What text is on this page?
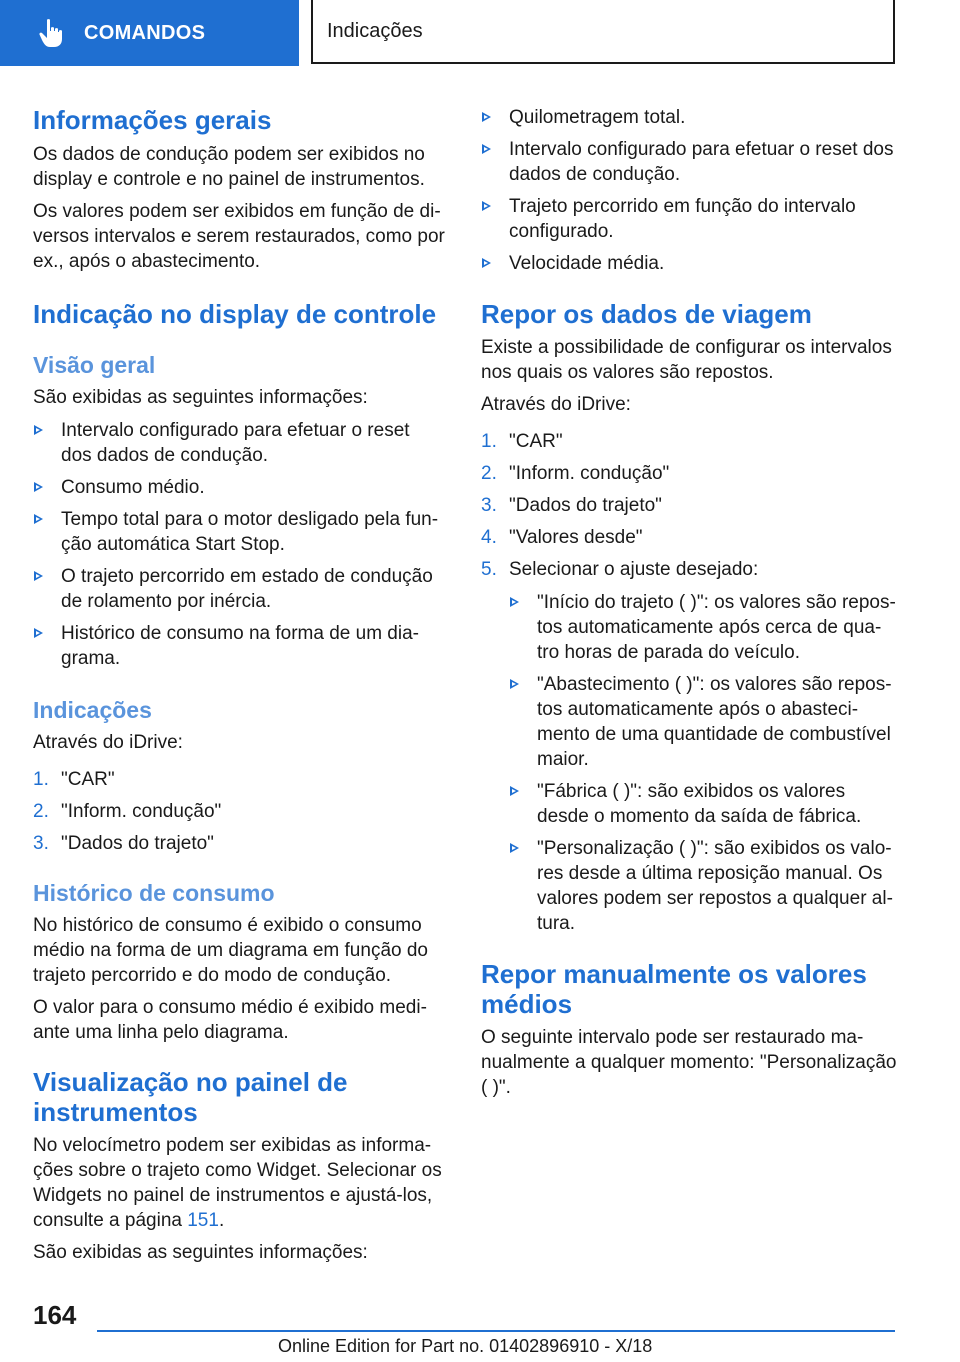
COMANDOS	Indicações
Informações gerais

Os dados de condução podem ser exibidos no display e controle e no painel de instrumentos.

Os valores podem ser exibidos em função de diversos intervalos e serem restaurados, como por ex., após o abastecimento.

Indicação no display de controle
Visão geral

São exibidas as seguintes informações:

Intervalo configurado para efetuar o reset dos dados de condução.
Consumo médio.
Tempo total para o motor desligado pela função automática Start Stop.
O trajeto percorrido em estado de condução de rolamento por inércia.
Histórico de consumo na forma de um diagrama.
Indicações

Através do iDrive:

1. "CAR"
2. "Inform. condução"
3. "Dados do trajeto"
Histórico de consumo

No histórico de consumo é exibido o consumo médio na forma de um diagrama em função do trajeto percorrido e do modo de condução.

O valor para o consumo médio é exibido mediante uma linha pelo diagrama.

Visualização no painel de instrumentos

No velocímetro podem ser exibidas as informações sobre o trajeto como Widget. Selecionar os Widgets no painel de instrumentos e ajustá-los, consulte a página 151.

São exibidas as seguintes informações:

Quilometragem total.
Intervalo configurado para efetuar o reset dos dados de condução.
Trajeto percorrido em função do intervalo configurado.
Velocidade média.
Repor os dados de viagem

Existe a possibilidade de configurar os intervalos nos quais os valores são repostos.

Através do iDrive:

1. "CAR"
2. "Inform. condução"
3. "Dados do trajeto"
4. "Valores desde"
5. Selecionar o ajuste desejado:
"Início do trajeto ( )": os valores são repostos automaticamente após cerca de quatro horas de parada do veículo.
"Abastecimento ( )": os valores são repostos automaticamente após o abastecimento de uma quantidade de combustível maior.
"Fábrica ( )": são exibidos os valores desde o momento da saída de fábrica.
"Personalização ( )": são exibidos os valores desde a última reposição manual. Os valores podem ser repostos a qualquer altura.
Repor manualmente os valores médios

O seguinte intervalo pode ser restaurado manualmente a qualquer momento: "Personalização ( )".

164
Online Edition for Part no. 01402896910 - X/18
